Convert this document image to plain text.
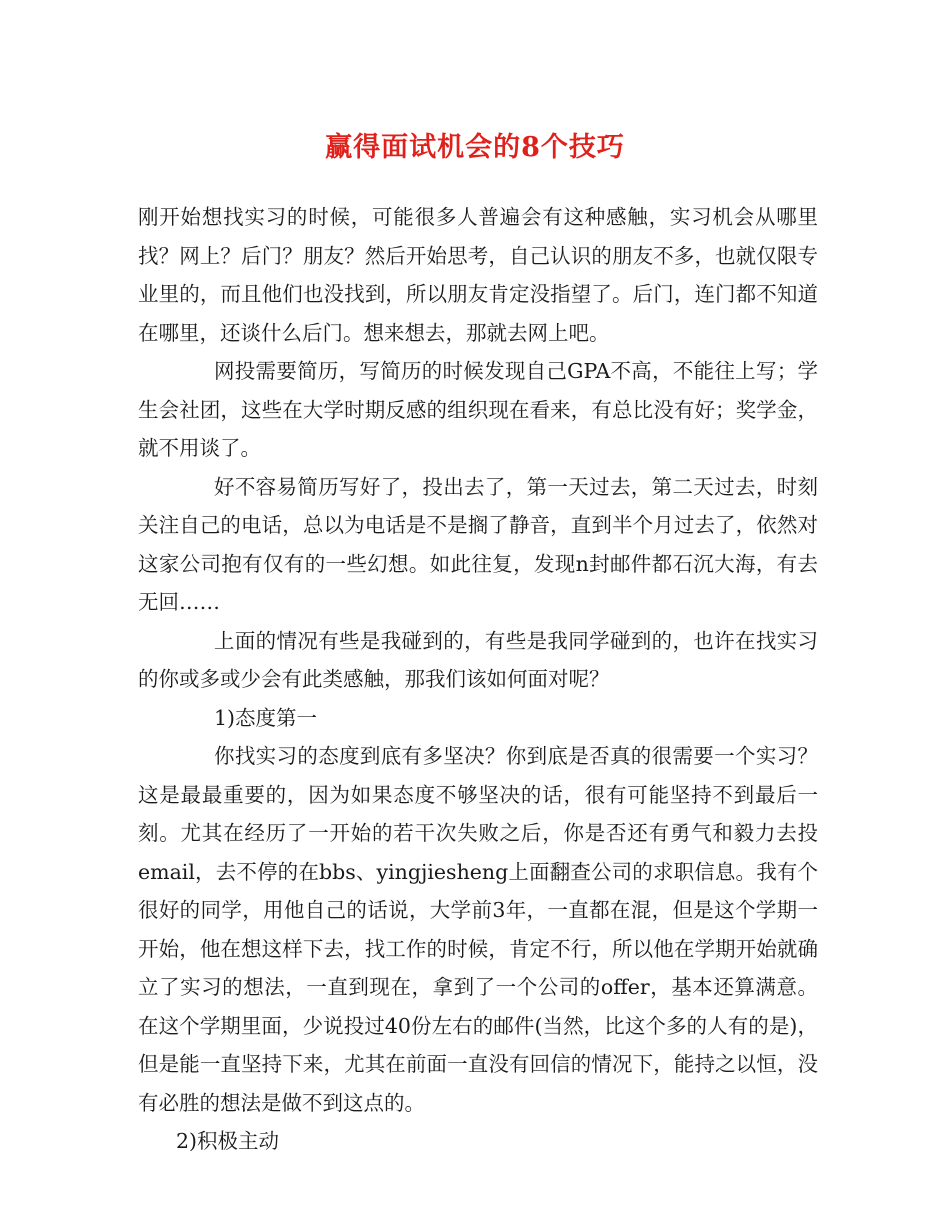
赢得面试机会的8个技巧

刚开始想找实习的时候，可能很多人普遍会有这种感触，实习机会从哪里找？网上？后门？朋友？然后开始思考，自己认识的朋友不多，也就仅限专业里的，而且他们也没找到，所以朋友肯定没指望了。后门，连门都不知道在哪里，还谈什么后门。想来想去，那就去网上吧。

网投需要简历，写简历的时候发现自己GPA不高，不能往上写；学生会社团，这些在大学时期反感的组织现在看来，有总比没有好；奖学金，就不用谈了。

好不容易简历写好了，投出去了，第一天过去，第二天过去，时刻关注自己的电话，总以为电话是不是搁了静音，直到半个月过去了，依然对这家公司抱有仅有的一些幻想。如此往复，发现n封邮件都石沉大海，有去无回……

上面的情况有些是我碰到的，有些是我同学碰到的，也许在找实习的你或多或少会有此类感触，那我们该如何面对呢？

1)态度第一

你找实习的态度到底有多坚决？你到底是否真的很需要一个实习？这是最最重要的，因为如果态度不够坚决的话，很有可能坚持不到最后一刻。尤其在经历了一开始的若干次失败之后，你是否还有勇气和毅力去投email，去不停的在bbs、yingjiesheng上面翻查公司的求职信息。我有个很好的同学，用他自己的话说，大学前3年，一直都在混，但是这个学期一开始，他在想这样下去，找工作的时候，肯定不行，所以他在学期开始就确立了实习的想法，一直到现在，拿到了一个公司的offer，基本还算满意。在这个学期里面，少说投过40份左右的邮件(当然，比这个多的人有的是)，但是能一直坚持下来，尤其在前面一直没有回信的情况下，能持之以恒，没有必胜的想法是做不到这点的。

2)积极主动
